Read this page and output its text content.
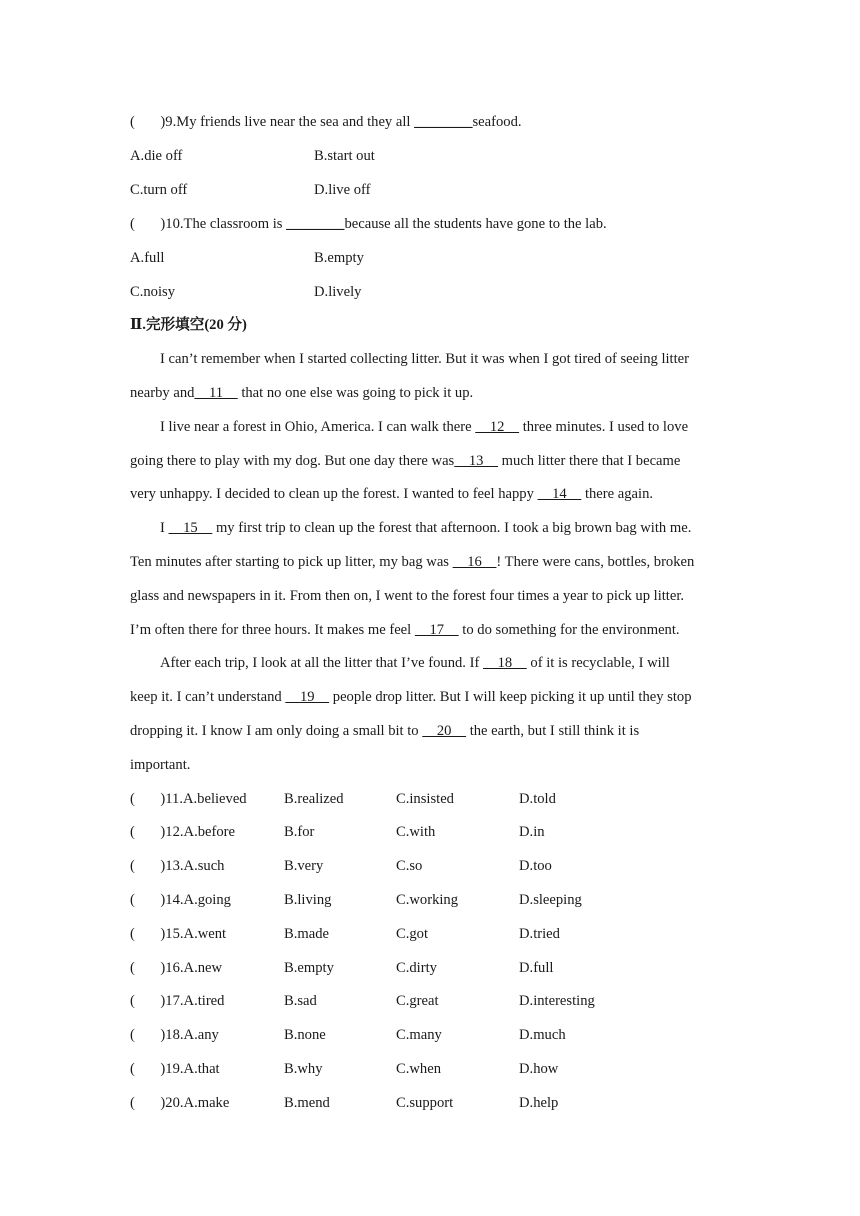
( )9.My friends live near the sea and they all ________seafood.
A.die off	B.start out
C.turn off	D.live off
( )10.The classroom is ________because all the students have gone to the lab.
A.full	B.empty
C.noisy	D.lively
Ⅱ.完形填空(20 分)
I can’t remember when I started collecting litter. But it was when I got tired of seeing litter
nearby and    11     that no one else was going to pick it up.
I live near a forest in Ohio, America. I can walk there     12     three minutes. I used to love
going there to play with my dog. But one day there was    13     much litter there that I became
very unhappy. I decided to clean up the forest. I wanted to feel happy     14     there again.
I     15     my first trip to clean up the forest that afternoon. I took a big brown bag with me.
Ten minutes after starting to pick up litter, my bag was     16    ! There were cans, bottles, broken
glass and newspapers in it. From then on, I went to the forest four times a year to pick up litter.
I’m often there for three hours. It makes me feel     17     to do something for the environment.
After each trip, I look at all the litter that I’ve found. If     18     of it is recyclable, I will
keep it. I can’t understand     19     people drop litter. But I will keep picking it up until they stop
dropping it. I know I am only doing a small bit to     20     the earth, but I still think it is
important.
( )11.A.believed	B.realized	C.insisted	D.told
( )12.A.before	B.for	C.with	D.in
( )13.A.such	B.very	C.so	D.too
( )14.A.going	B.living	C.working	D.sleeping
( )15.A.went	B.made	C.got	D.tried
( )16.A.new	B.empty	C.dirty	D.full
( )17.A.tired	B.sad	C.great	D.interesting
( )18.A.any	B.none	C.many	D.much
( )19.A.that	B.why	C.when	D.how
( )20.A.make	B.mend	C.support	D.help
